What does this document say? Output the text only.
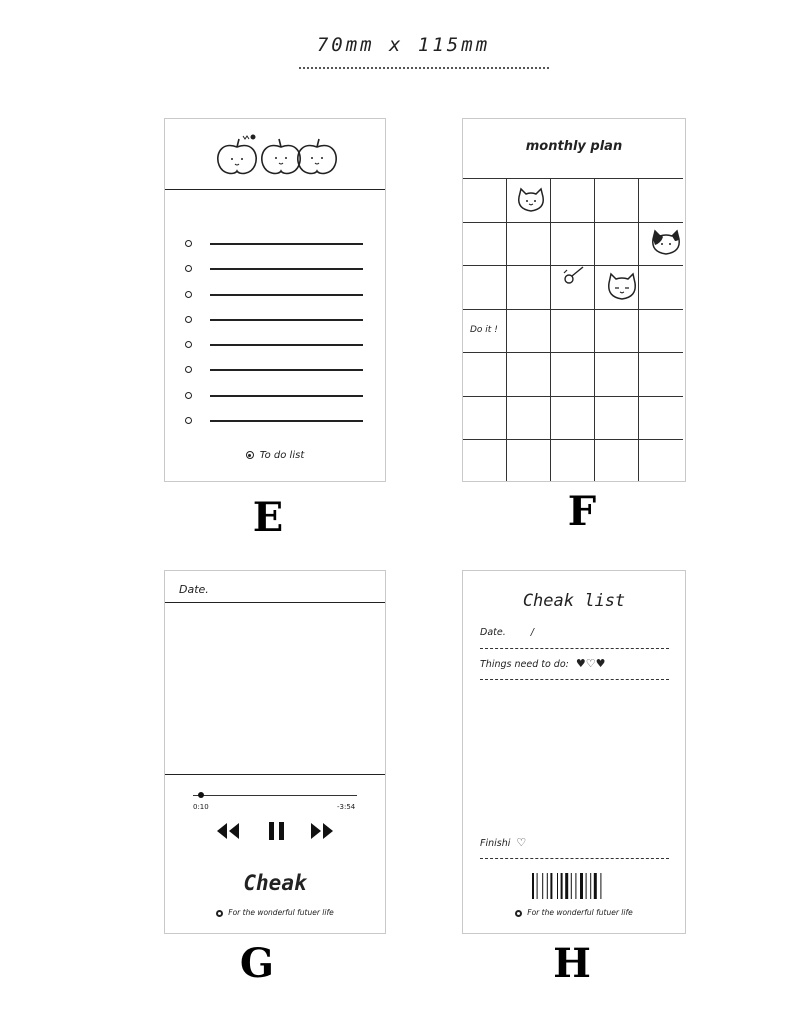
70mm x 115mm
To do list
E
monthly plan
Do it !
F
Date.
0:10	-3:54
Cheak
For the wonderful futuer life
G
Cheak list
Date.	/
Things need to do: ♥♡♥
Finishi ♡
For the wonderful futuer life
H
